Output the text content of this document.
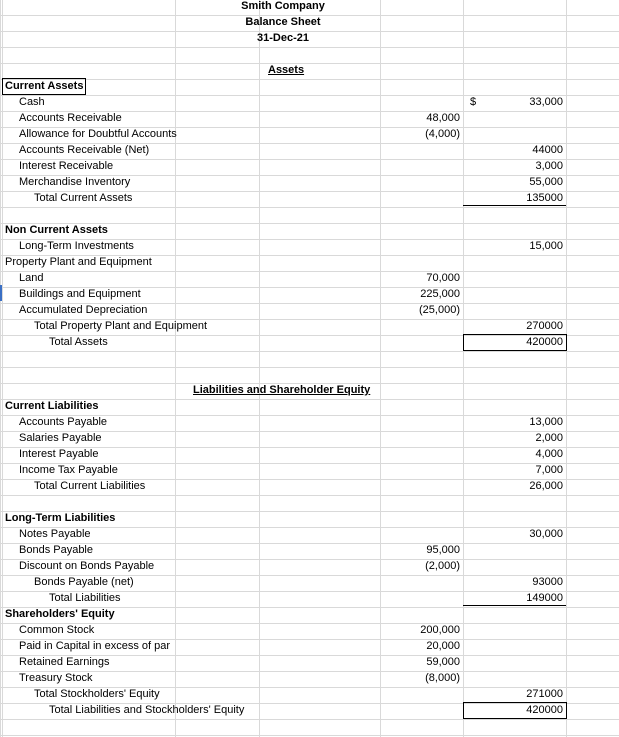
Smith Company
Balance Sheet
31-Dec-21
Assets
Current Assets
Cash	$	33,000
Accounts Receivable	48,000
Allowance for Doubtful Accounts	(4,000)
Accounts Receivable (Net)	44000
Interest Receivable	3,000
Merchandise Inventory	55,000
Total Current Assets	135000
Non Current Assets
Long-Term Investments	15,000
Property Plant and Equipment
Land	70,000
Buildings and Equipment	225,000
Accumulated Depreciation	(25,000)
Total Property Plant and Equipment	270000
Total Assets	420000
Liabilities and Shareholder Equity
Current Liabilities
Accounts Payable	13,000
Salaries Payable	2,000
Interest Payable	4,000
Income Tax Payable	7,000
Total Current Liabilities	26,000
Long-Term Liabilities
Notes Payable	30,000
Bonds Payable	95,000
Discount on Bonds Payable	(2,000)
Bonds Payable (net)	93000
Total Liabilities	149000
Shareholders' Equity
Common Stock	200,000
Paid in Capital in excess of par	20,000
Retained Earnings	59,000
Treasury Stock	(8,000)
Total Stockholders' Equity	271000
Total Liabilities and Stockholders' Equity	420000
